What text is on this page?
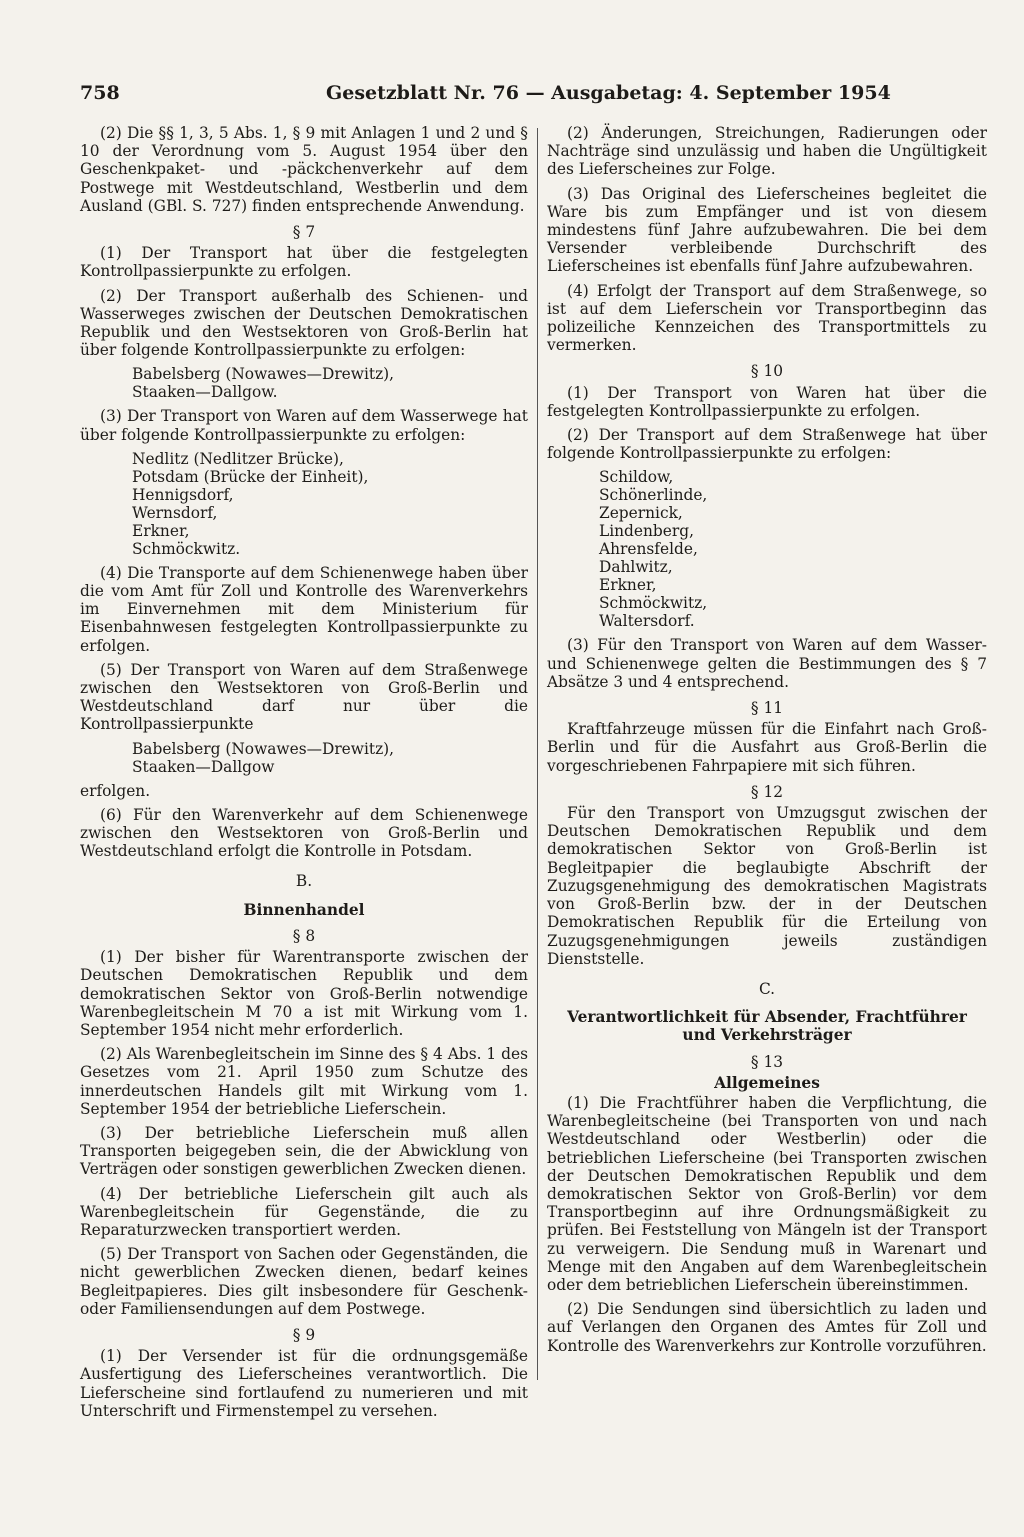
758	Gesetzblatt Nr. 76 — Ausgabetag: 4. September 1954

(2) Die §§ 1, 3, 5 Abs. 1, § 9 mit Anlagen 1 und 2 und § 10 der Verordnung vom 5. August 1954 über den Geschenkpaket- und -päckchenverkehr auf dem Postwege mit Westdeutschland, Westberlin und dem Ausland (GBl. S. 727) finden entsprechende Anwendung.

§ 7

(1) Der Transport hat über die festgelegten Kontrollpassierpunkte zu erfolgen.

(2) Der Transport außerhalb des Schienen- und Wasserweges zwischen der Deutschen Demokratischen Republik und den Westsektoren von Groß-Berlin hat über folgende Kontrollpassierpunkte zu erfolgen:

Babelsberg (Nowawes—Drewitz),
Staaken—Dallgow.

(3) Der Transport von Waren auf dem Wasserwege hat über folgende Kontrollpassierpunkte zu erfolgen:

Nedlitz (Nedlitzer Brücke),
Potsdam (Brücke der Einheit),
Hennigsdorf,
Wernsdorf,
Erkner,
Schmöckwitz.

(4) Die Transporte auf dem Schienenwege haben über die vom Amt für Zoll und Kontrolle des Warenverkehrs im Einvernehmen mit dem Ministerium für Eisenbahnwesen festgelegten Kontrollpassierpunkte zu erfolgen.

(5) Der Transport von Waren auf dem Straßenwege zwischen den Westsektoren von Groß-Berlin und Westdeutschland darf nur über die Kontrollpassierpunkte

Babelsberg (Nowawes—Drewitz),
Staaken—Dallgow
erfolgen.

(6) Für den Warenverkehr auf dem Schienenwege zwischen den Westsektoren von Groß-Berlin und Westdeutschland erfolgt die Kontrolle in Potsdam.

B.
Binnenhandel
§ 8

(1) Der bisher für Warentransporte zwischen der Deutschen Demokratischen Republik und dem demokratischen Sektor von Groß-Berlin notwendige Warenbegleitschein M 70 a ist mit Wirkung vom 1. September 1954 nicht mehr erforderlich.

(2) Als Warenbegleitschein im Sinne des § 4 Abs. 1 des Gesetzes vom 21. April 1950 zum Schutze des innerdeutschen Handels gilt mit Wirkung vom 1. September 1954 der betriebliche Lieferschein.

(3) Der betriebliche Lieferschein muß allen Transporten beigegeben sein, die der Abwicklung von Verträgen oder sonstigen gewerblichen Zwecken dienen.

(4) Der betriebliche Lieferschein gilt auch als Warenbegleitschein für Gegenstände, die zu Reparaturzwecken transportiert werden.

(5) Der Transport von Sachen oder Gegenständen, die nicht gewerblichen Zwecken dienen, bedarf keines Begleitpapieres. Dies gilt insbesondere für Geschenk- oder Familiensendungen auf dem Postwege.

§ 9

(1) Der Versender ist für die ordnungsgemäße Ausfertigung des Lieferscheines verantwortlich. Die Lieferscheine sind fortlaufend zu numerieren und mit Unterschrift und Firmenstempel zu versehen.

(2) Änderungen, Streichungen, Radierungen oder Nachträge sind unzulässig und haben die Ungültigkeit des Lieferscheines zur Folge.

(3) Das Original des Lieferscheines begleitet die Ware bis zum Empfänger und ist von diesem mindestens fünf Jahre aufzubewahren. Die bei dem Versender verbleibende Durchschrift des Lieferscheines ist ebenfalls fünf Jahre aufzubewahren.

(4) Erfolgt der Transport auf dem Straßenwege, so ist auf dem Lieferschein vor Transportbeginn das polizeiliche Kennzeichen des Transportmittels zu vermerken.

§ 10

(1) Der Transport von Waren hat über die festgelegten Kontrollpassierpunkte zu erfolgen.

(2) Der Transport auf dem Straßenwege hat über folgende Kontrollpassierpunkte zu erfolgen:

Schildow,
Schönerlinde,
Zepernick,
Lindenberg,
Ahrensfelde,
Dahlwitz,
Erkner,
Schmöckwitz,
Waltersdorf.

(3) Für den Transport von Waren auf dem Wasser- und Schienenwege gelten die Bestimmungen des § 7 Absätze 3 und 4 entsprechend.

§ 11

Kraftfahrzeuge müssen für die Einfahrt nach Groß-Berlin und für die Ausfahrt aus Groß-Berlin die vorgeschriebenen Fahrpapiere mit sich führen.

§ 12

Für den Transport von Umzugsgut zwischen der Deutschen Demokratischen Republik und dem demokratischen Sektor von Groß-Berlin ist Begleitpapier die beglaubigte Abschrift der Zuzugsgenehmigung des demokratischen Magistrats von Groß-Berlin bzw. der in der Deutschen Demokratischen Republik für die Erteilung von Zuzugsgenehmigungen jeweils zuständigen Dienststelle.

C.
Verantwortlichkeit für Absender, Frachtführer
und Verkehrsträger
§ 13
Allgemeines

(1) Die Frachtführer haben die Verpflichtung, die Warenbegleitscheine (bei Transporten von und nach Westdeutschland oder Westberlin) oder die betrieblichen Lieferscheine (bei Transporten zwischen der Deutschen Demokratischen Republik und dem demokratischen Sektor von Groß-Berlin) vor dem Transportbeginn auf ihre Ordnungsmäßigkeit zu prüfen. Bei Feststellung von Mängeln ist der Transport zu verweigern. Die Sendung muß in Warenart und Menge mit den Angaben auf dem Warenbegleitschein oder dem betrieblichen Lieferschein übereinstimmen.

(2) Die Sendungen sind übersichtlich zu laden und auf Verlangen den Organen des Amtes für Zoll und Kontrolle des Warenverkehrs zur Kontrolle vorzuführen.
